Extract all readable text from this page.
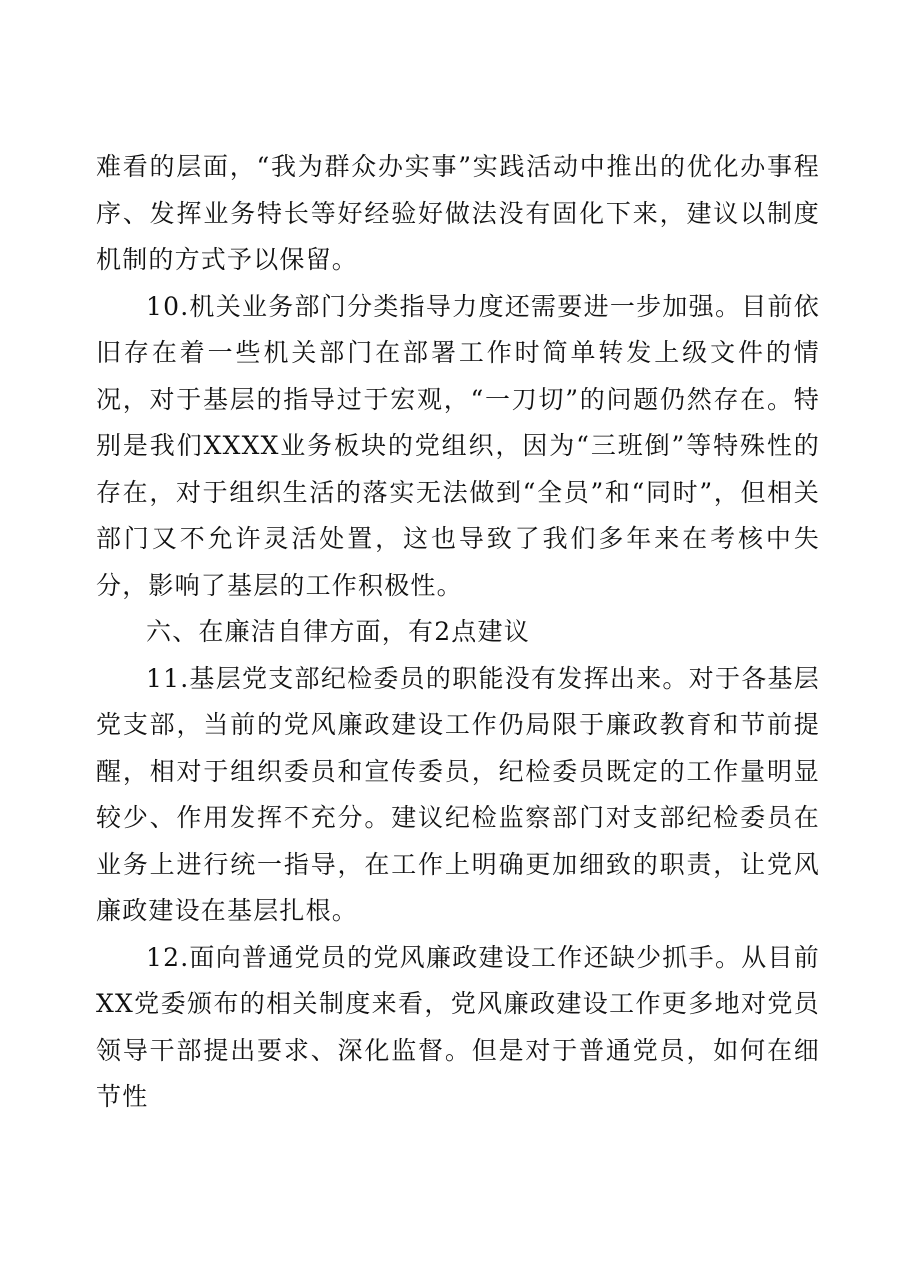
难看的层面，“我为群众办实事”实践活动中推出的优化办事程序、发挥业务特长等好经验好做法没有固化下来，建议以制度机制的方式予以保留。

10.机关业务部门分类指导力度还需要进一步加强。目前依旧存在着一些机关部门在部署工作时简单转发上级文件的情况，对于基层的指导过于宏观，“一刀切”的问题仍然存在。特别是我们XXXX业务板块的党组织，因为“三班倒”等特殊性的存在，对于组织生活的落实无法做到“全员”和“同时”，但相关部门又不允许灵活处置，这也导致了我们多年来在考核中失分，影响了基层的工作积极性。

六、在廉洁自律方面，有2点建议

11.基层党支部纪检委员的职能没有发挥出来。对于各基层党支部，当前的党风廉政建设工作仍局限于廉政教育和节前提醒，相对于组织委员和宣传委员，纪检委员既定的工作量明显较少、作用发挥不充分。建议纪检监察部门对支部纪检委员在业务上进行统一指导，在工作上明确更加细致的职责，让党风廉政建设在基层扎根。

12.面向普通党员的党风廉政建设工作还缺少抓手。从目前XX党委颁布的相关制度来看，党风廉政建设工作更多地对党员领导干部提出要求、深化监督。但是对于普通党员，如何在细节性
